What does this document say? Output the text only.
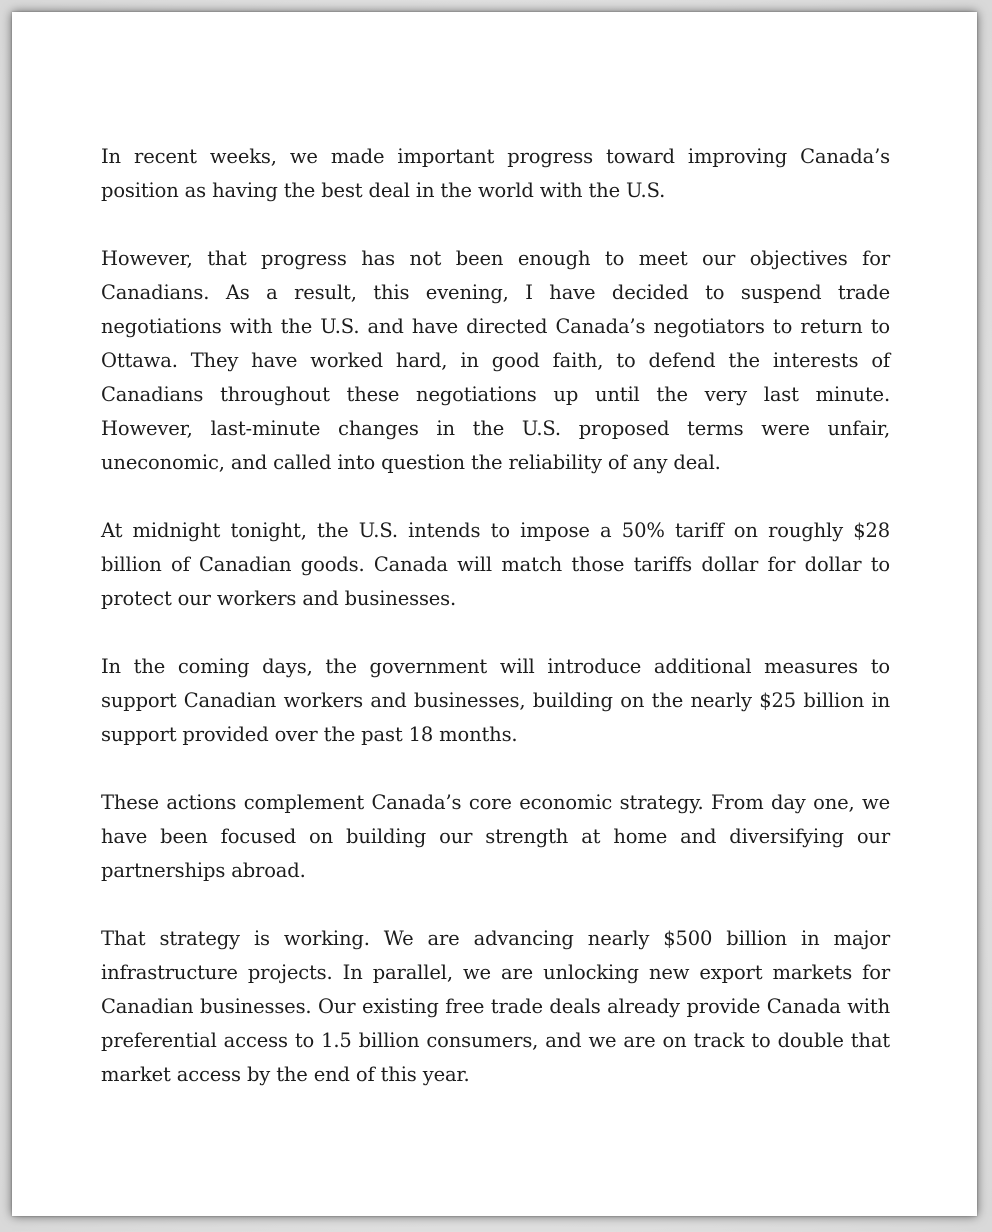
In recent weeks, we made important progress toward improving Canada’s position as having the best deal in the world with the U.S.

However, that progress has not been enough to meet our objectives for Canadians. As a result, this evening, I have decided to suspend trade negotiations with the U.S. and have directed Canada’s negotiators to return to Ottawa. They have worked hard, in good faith, to defend the interests of Canadians throughout these negotiations up until the very last minute. However, last-minute changes in the U.S. proposed terms were unfair, uneconomic, and called into question the reliability of any deal.

At midnight tonight, the U.S. intends to impose a 50% tariff on roughly $28 billion of Canadian goods. Canada will match those tariffs dollar for dollar to protect our workers and businesses.

In the coming days, the government will introduce additional measures to support Canadian workers and businesses, building on the nearly $25 billion in support provided over the past 18 months.

These actions complement Canada’s core economic strategy. From day one, we have been focused on building our strength at home and diversifying our partnerships abroad.

That strategy is working. We are advancing nearly $500 billion in major infrastructure projects. In parallel, we are unlocking new export markets for Canadian businesses. Our existing free trade deals already provide Canada with preferential access to 1.5 billion consumers, and we are on track to double that market access by the end of this year.
